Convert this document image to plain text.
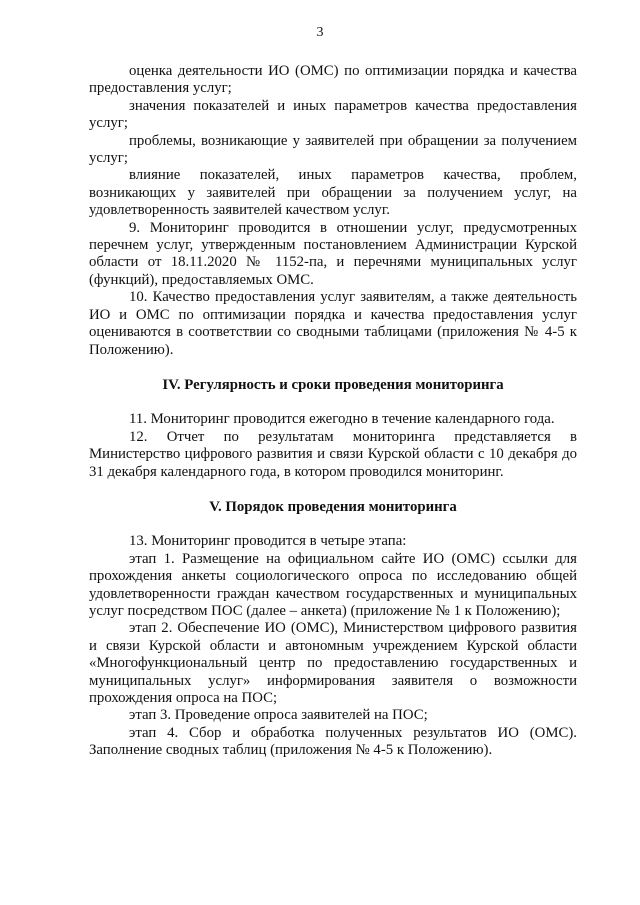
3

оценка деятельности ИО (ОМС) по оптимизации порядка и качества предоставления услуг;

значения показателей и иных параметров качества предоставления услуг;

проблемы, возникающие у заявителей при обращении за получением услуг;

влияние показателей, иных параметров качества, проблем, возникающих у заявителей при обращении за получением услуг, на удовлетворенность заявителей качеством услуг.

9. Мониторинг проводится в отношении услуг, предусмотренных перечнем услуг, утвержденным постановлением Администрации Курской области от 18.11.2020 № 1152-па, и перечнями муниципальных услуг (функций), предоставляемых ОМС.

10. Качество предоставления услуг заявителям, а также деятельность ИО и ОМС по оптимизации порядка и качества предоставления услуг оцениваются в соответствии со сводными таблицами (приложения № 4-5 к Положению).

IV. Регулярность и сроки проведения мониторинга

11. Мониторинг проводится ежегодно в течение календарного года.

12. Отчет по результатам мониторинга представляется в Министерство цифрового развития и связи Курской области с 10 декабря до 31 декабря календарного года, в котором проводился мониторинг.

V. Порядок проведения мониторинга

13. Мониторинг проводится в четыре этапа:

этап 1. Размещение на официальном сайте ИО (ОМС) ссылки для прохождения анкеты социологического опроса по исследованию общей удовлетворенности граждан качеством государственных и муниципальных услуг посредством ПОС (далее – анкета) (приложение № 1 к Положению);

этап 2. Обеспечение ИО (ОМС), Министерством цифрового развития и связи Курской области и автономным учреждением Курской области «Многофункциональный центр по предоставлению государственных и муниципальных услуг» информирования заявителя о возможности прохождения опроса на ПОС;

этап 3. Проведение опроса заявителей на ПОС;

этап 4. Сбор и обработка полученных результатов ИО (ОМС). Заполнение сводных таблиц (приложения № 4-5 к Положению).
